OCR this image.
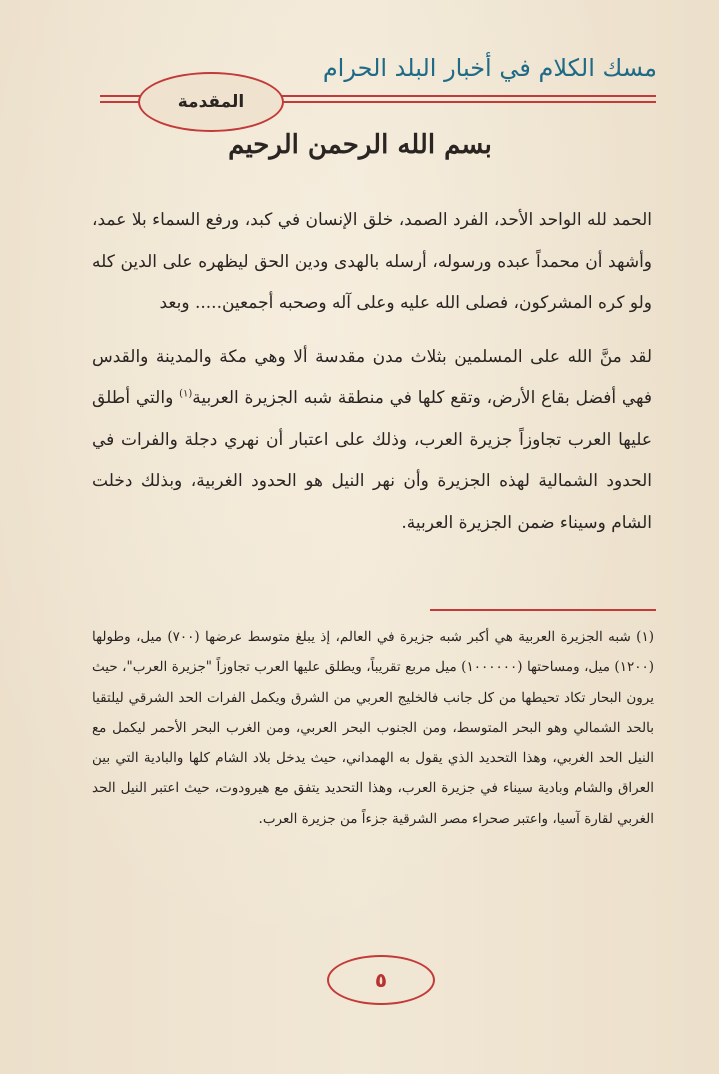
مسك الكلام في أخبار البلد الحرام
المقدمة
بسم الله الرحمن الرحيم

الحمد لله الواحد الأحد، الفرد الصمد، خلق الإنسان في كبد، ورفع السماء بلا عمد، وأشهد أن محمداً عبده ورسوله، أرسله بالهدى ودين الحق ليظهره على الدين كله ولو كره المشركون، فصلى الله عليه وعلى آله وصحبه أجمعين..... وبعد

لقد منَّ الله على المسلمين بثلاث مدن مقدسة ألا وهي مكة والمدينة والقدس فهي أفضل بقاع الأرض، وتقع كلها في منطقة شبه الجزيرة العربية$^{(١)}$ والتي أطلق عليها العرب تجاوزاً جزيرة العرب، وذلك على اعتبار أن نهري دجلة والفرات في الحدود الشمالية لهذه الجزيرة وأن نهر النيل هو الحدود الغربية، وبذلك دخلت الشام وسيناء ضمن الجزيرة العربية.

(١) شبه الجزيرة العربية هي أكبر شبه جزيرة في العالم، إذ يبلغ متوسط عرضها (٧٠٠) ميل، وطولها (١٢٠٠) ميل، ومساحتها (١٠٠٠٠٠٠) ميل مربع تقريباً، ويطلق عليها العرب تجاوزاً "جزيرة العرب"، حيث يرون البحار تكاد تحيطها من كل جانب فالخليج العربي من الشرق ويكمل الفرات الحد الشرقي ليلتقيا بالحد الشمالي وهو البحر المتوسط، ومن الجنوب البحر العربي، ومن الغرب البحر الأحمر ليكمل مع النيل الحد الغربي، وهذا التحديد الذي يقول به الهمداني، حيث يدخل بلاد الشام كلها والبادية التي بين العراق والشام وبادية سيناء في جزيرة العرب، وهذا التحديد يتفق مع هيرودوت، حيث اعتبر النيل الحد الغربي لقارة آسيا، واعتبر صحراء مصر الشرقية جزءاً من جزيرة العرب.

٥
